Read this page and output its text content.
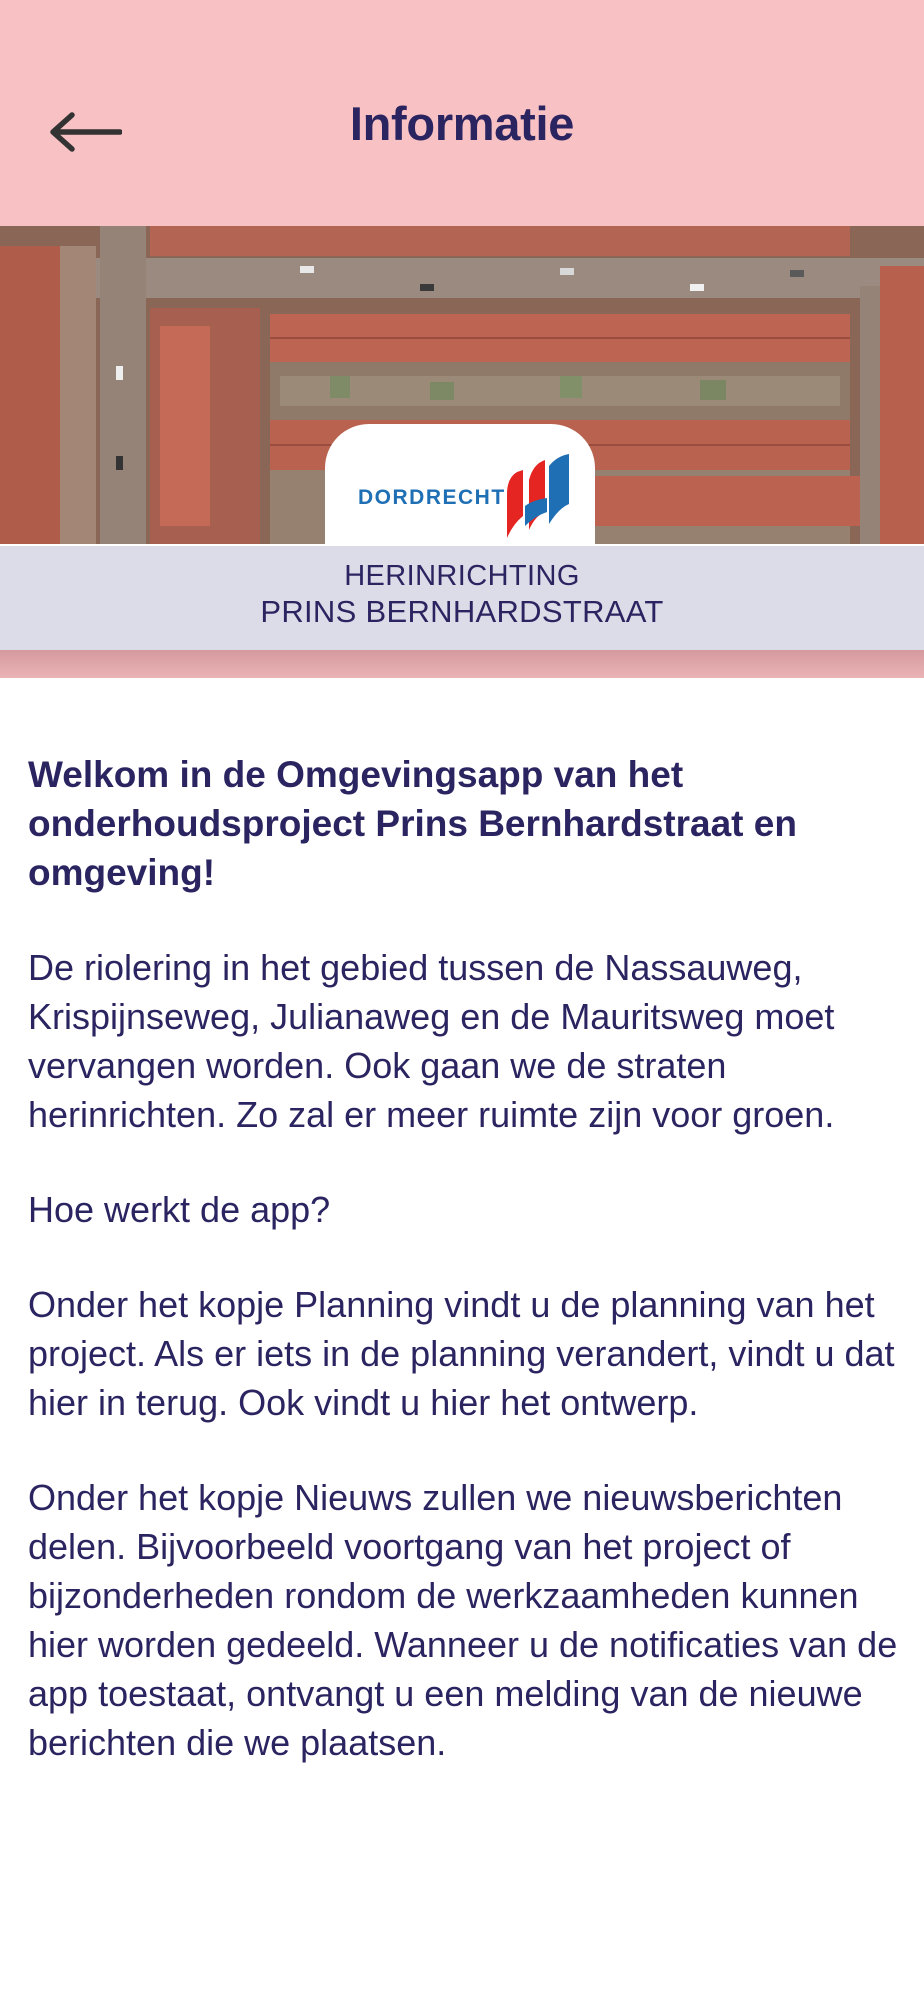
Informatie
DORDRECHT
HERINRICHTING
PRINS BERNHARDSTRAAT

Welkom in de Omgevingsapp van het onderhoudsproject Prins Bernhardstraat en omgeving!

De riolering in het gebied tussen de Nassauweg, Krispijnseweg, Julianaweg en de Mauritsweg moet vervangen worden. Ook gaan we de straten herinrichten. Zo zal er meer ruimte zijn voor groen.

Hoe werkt de app?

Onder het kopje Planning vindt u de planning van het project. Als er iets in de planning verandert, vindt u dat hier in terug. Ook vindt u hier het ontwerp.

Onder het kopje Nieuws zullen we nieuwsberichten delen. Bijvoorbeeld voortgang van het project of bijzonderheden rondom de werkzaamheden kunnen hier worden gedeeld. Wanneer u de notificaties van de app toestaat, ontvangt u een melding van de nieuwe berichten die we plaatsen.
